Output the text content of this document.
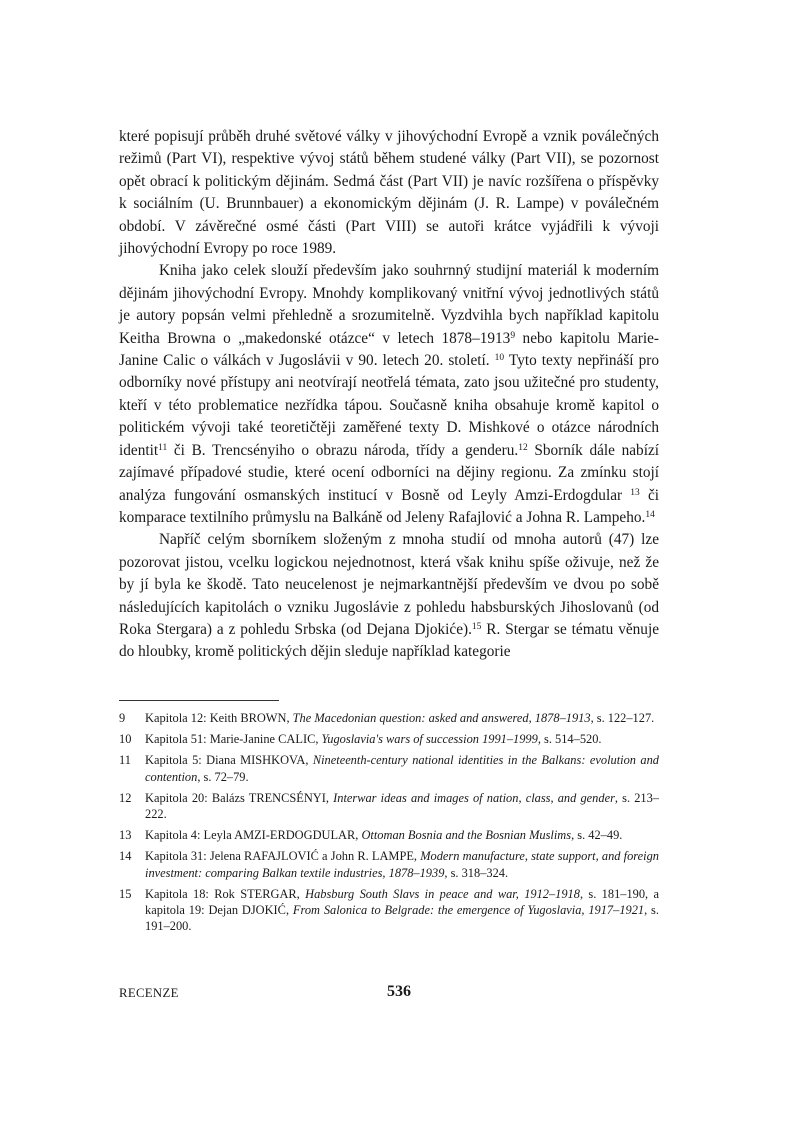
které popisují průběh druhé světové války v jihovýchodní Evropě a vznik poválečných režimů (Part VI), respektive vývoj států během studené války (Part VII), se pozornost opět obrací k politickým dějinám. Sedmá část (Part VII) je navíc rozšířena o příspěvky k sociálním (U. Brunnbauer) a ekonomickým dějinám (J. R. Lampe) v poválečném období. V závěrečné osmé části (Part VIII) se autoři krátce vyjádřili k vývoji jihovýchodní Evropy po roce 1989.

Kniha jako celek slouží především jako souhrnný studijní materiál k moderním dějinám jihovýchodní Evropy. Mnohdy komplikovaný vnitřní vývoj jednotlivých států je autory popsán velmi přehledně a srozumitelně. Vyzdvihla bych například kapitolu Keitha Browna o „makedonské otázce“ v letech 1878–1913$^9$ nebo kapitolu Marie-Janine Calic o válkách v Jugoslávii v 90. letech 20. století. $^{10}$ Tyto texty nepřináší pro odborníky nové přístupy ani neotvírají neotřelá témata, zato jsou užitečné pro studenty, kteří v této problematice nezřídka tápou. Současně kniha obsahuje kromě kapitol o politickém vývoji také teoretičtěji zaměřené texty D. Mishkové o otázce národních identit$^{11}$ či B. Trencsényiho o obrazu národa, třídy a genderu.$^{12}$ Sborník dále nabízí zajímavé případové studie, které ocení odborníci na dějiny regionu. Za zmínku stojí analýza fungování osmanských institucí v Bosně od Leyly Amzi-Erdogdular $^{13}$ či komparace textilního průmyslu na Balkáně od Jeleny Rafajlović a Johna R. Lampeho.$^{14}$

Napříč celým sborníkem složeným z mnoha studií od mnoha autorů (47) lze pozorovat jistou, vcelku logickou nejednotnost, která však knihu spíše oživuje, než že by jí byla ke škodě. Tato neucelenost je nejmarkantnější především ve dvou po sobě následujících kapitolách o vzniku Jugoslávie z pohledu habsburských Jihoslovanů (od Roka Stergara) a z pohledu Srbska (od Dejana Djokiće).$^{15}$ R. Stergar se tématu věnuje do hloubky, kromě politických dějin sleduje například kategorie

9	Kapitola 12: Keith BROWN, The Macedonian question: asked and answered, 1878–1913, s. 122–127.
10	Kapitola 51: Marie-Janine CALIC, Yugoslavia's wars of succession 1991–1999, s. 514–520.
11	Kapitola 5: Diana MISHKOVA, Nineteenth-century national identities in the Balkans: evolution and contention, s. 72–79.
12	Kapitola 20: Balázs TRENCSÉNYI, Interwar ideas and images of nation, class, and gender, s. 213–222.
13	Kapitola 4: Leyla AMZI-ERDOGDULAR, Ottoman Bosnia and the Bosnian Muslims, s. 42–49.
14	Kapitola 31: Jelena RAFAJLOVIĆ a John R. LAMPE, Modern manufacture, state support, and foreign investment: comparing Balkan textile industries, 1878–1939, s. 318–324.
15	Kapitola 18: Rok STERGAR, Habsburg South Slavs in peace and war, 1912–1918, s. 181–190, a kapitola 19: Dejan DJOKIĆ, From Salonica to Belgrade: the emergence of Yugoslavia, 1917–1921, s. 191–200.
RECENZE	536
